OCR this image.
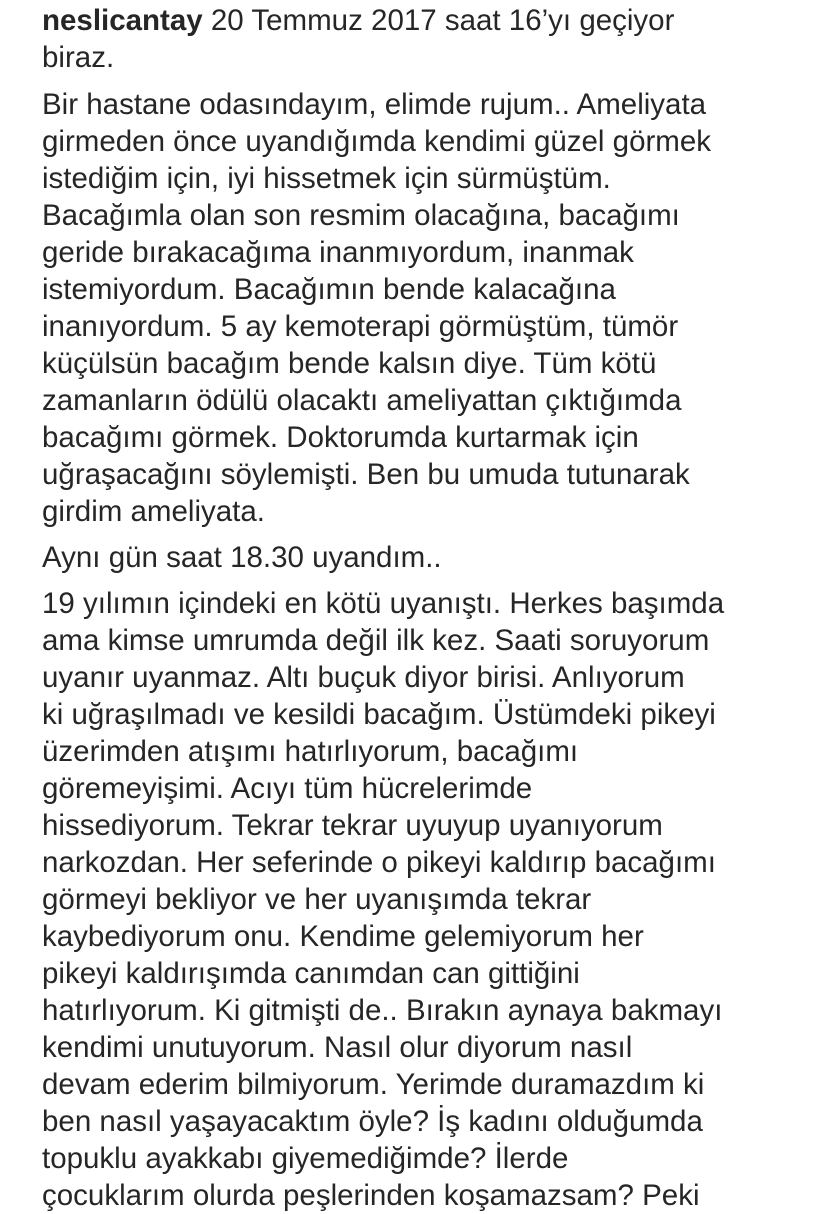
neslicantay 20 Temmuz 2017 saat 16’yı geçiyor
biraz.
Bir hastane odasındayım, elimde rujum.. Ameliyata
girmeden önce uyandığımda kendimi güzel görmek
istediğim için, iyi hissetmek için sürmüştüm.
Bacağımla olan son resmim olacağına, bacağımı
geride bırakacağıma inanmıyordum, inanmak
istemiyordum. Bacağımın bende kalacağına
inanıyordum. 5 ay kemoterapi görmüştüm, tümör
küçülsün bacağım bende kalsın diye. Tüm kötü
zamanların ödülü olacaktı ameliyattan çıktığımda
bacağımı görmek. Doktorumda kurtarmak için
uğraşacağını söylemişti. Ben bu umuda tutunarak
girdim ameliyata.
Aynı gün saat 18.30 uyandım..
19 yılımın içindeki en kötü uyanıştı. Herkes başımda
ama kimse umrumda değil ilk kez. Saati soruyorum
uyanır uyanmaz. Altı buçuk diyor birisi. Anlıyorum
ki uğraşılmadı ve kesildi bacağım. Üstümdeki pikeyi
üzerimden atışımı hatırlıyorum, bacağımı
göremeyişimi. Acıyı tüm hücrelerimde
hissediyorum. Tekrar tekrar uyuyup uyanıyorum
narkozdan. Her seferinde o pikeyi kaldırıp bacağımı
görmeyi bekliyor ve her uyanışımda tekrar
kaybediyorum onu. Kendime gelemiyorum her
pikeyi kaldırışımda canımdan can gittiğini
hatırlıyorum. Ki gitmişti de.. Bırakın aynaya bakmayı
kendimi unutuyorum. Nasıl olur diyorum nasıl
devam ederim bilmiyorum. Yerimde duramazdım ki
ben nasıl yaşayacaktım öyle? İş kadını olduğumda
topuklu ayakkabı giyemediğimde? İlerde
çocuklarım olurda peşlerinden koşamazsam? Peki
